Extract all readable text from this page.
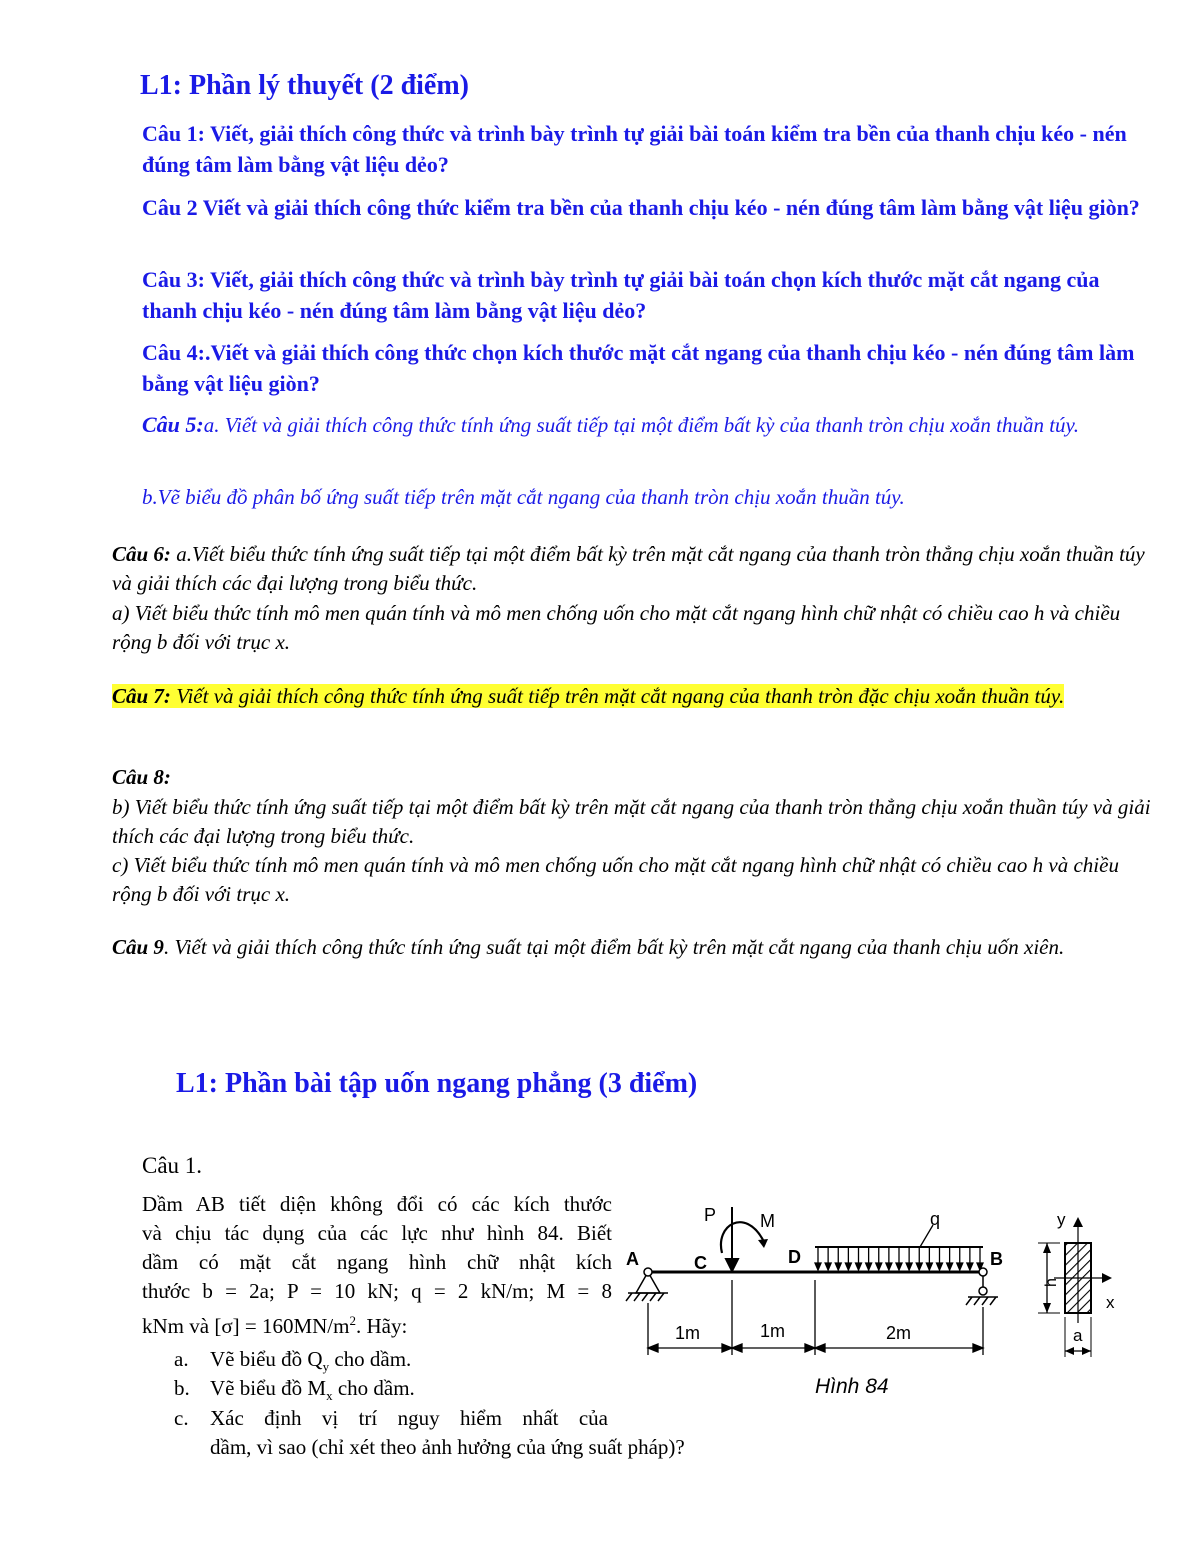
L1: Phần lý thuyết (2 điểm)
Câu 1: Viết, giải thích công thức và trình bày trình tự giải bài toán kiểm tra bền của thanh chịu kéo - nén đúng tâm làm bằng vật liệu dẻo?
Câu 2 Viết và giải thích công thức kiểm tra bền của thanh chịu kéo - nén đúng tâm làm bằng vật liệu giòn?
Câu 3: Viết, giải thích công thức và trình bày trình tự giải bài toán chọn kích thước mặt cắt ngang của thanh chịu kéo - nén đúng tâm làm bằng vật liệu dẻo?
Câu 4:.Viết và giải thích công thức chọn kích thước mặt cắt ngang của thanh chịu kéo - nén đúng tâm làm bằng vật liệu giòn?
Câu 5:a. Viết và giải thích công thức tính ứng suất tiếp tại một điểm bất kỳ của thanh tròn chịu xoắn thuần túy.
b.Vẽ biểu đồ phân bố ứng suất tiếp trên mặt cắt ngang của thanh tròn chịu xoắn thuần túy.
Câu 6: a.Viết biểu thức tính ứng suất tiếp tại một điểm bất kỳ trên mặt cắt ngang của thanh tròn thẳng chịu xoắn thuần túy và giải thích các đại lượng trong biểu thức.
a) Viết biểu thức tính mô men quán tính và mô men chống uốn cho mặt cắt ngang hình chữ nhật có chiều cao h và chiều rộng b đối với trục x.
Câu 7: Viết và giải thích công thức tính ứng suất tiếp trên mặt cắt ngang của thanh tròn đặc chịu xoắn thuần túy.
Câu 8:
b) Viết biểu thức tính ứng suất tiếp tại một điểm bất kỳ trên mặt cắt ngang của thanh tròn thẳng chịu xoắn thuần túy và giải thích các đại lượng trong biểu thức.
c) Viết biểu thức tính mô men quán tính và mô men chống uốn cho mặt cắt ngang hình chữ nhật có chiều cao h và chiều rộng b đối với trục x.
Câu 9. Viết và giải thích công thức tính ứng suất tại một điểm bất kỳ trên mặt cắt ngang của thanh chịu uốn xiên.
L1: Phần bài tập uốn ngang phẳng (3 điểm)
Câu 1.
Dầm AB tiết diện không đổi có các kích thước
và chịu tác dụng của các lực như hình 84. Biết
dầm có mặt cắt ngang hình chữ nhật kích
thước b = 2a; P = 10 kN; q = 2 kN/m; M = 8
kNm và $[\sigma] = 160MN/m^2$. Hãy:
a. Vẽ biểu đồ $Q_y$ cho dầm.
b. Vẽ biểu đồ $M_x$ cho dầm.
c. Xác định vị trí nguy hiểm nhất của
dầm, vì sao (chỉ xét theo ảnh hưởng của ứng suất pháp)?
A	C	D	B
P M	q
1m	1m	2m
y
x
h
a
Hình 84
